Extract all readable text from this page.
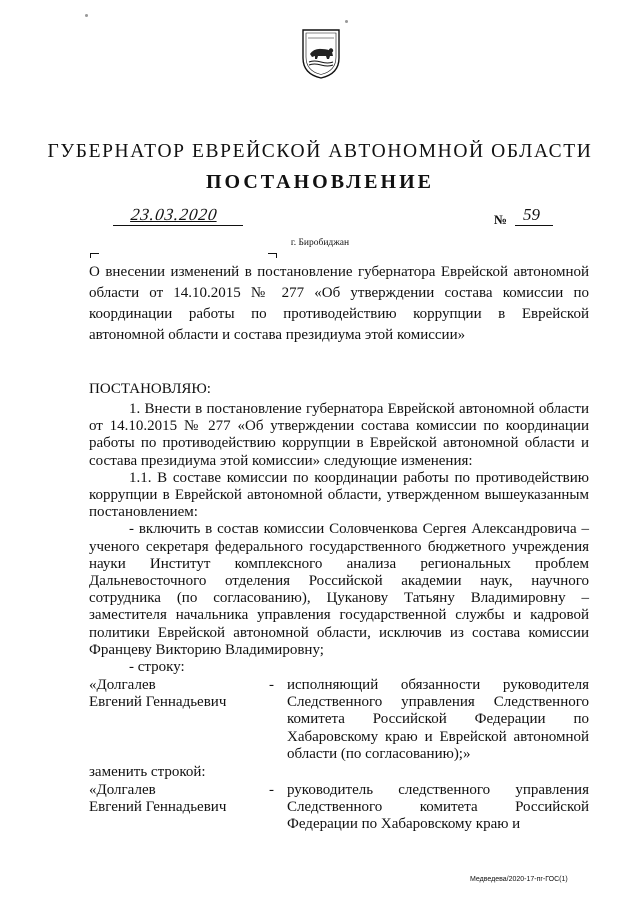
ГУБЕРНАТОР ЕВРЕЙСКОЙ АВТОНОМНОЙ ОБЛАСТИ
ПОСТАНОВЛЕНИЕ
23.03.2020	№ 59
г. Биробиджан
О внесении изменений в постановление губернатора Еврейской автономной области от 14.10.2015 № 277 «Об утверждении состава комиссии по координации работы по противодействию коррупции в Еврейской автономной области и состава президиума этой комиссии»
ПОСТАНОВЛЯЮ:

1. Внести в постановление губернатора Еврейской автономной области от 14.10.2015 № 277 «Об утверждении состава комиссии по координации работы по противодействию коррупции в Еврейской автономной области и состава президиума этой комиссии» следующие изменения:

1.1. В составе комиссии по координации работы по противодействию коррупции в Еврейской автономной области, утвержденном вышеуказанным постановлением:

- включить в состав комиссии Соловченкова Сергея Александровича – ученого секретаря федерального государственного бюджетного учреждения науки Институт комплексного анализа региональных проблем Дальневосточного отделения Российской академии наук, научного сотрудника (по согласованию), Цуканову Татьяну Владимировну – заместителя начальника управления государственной службы и кадровой политики Еврейской автономной области, исключив из состава комиссии Францеву Викторию Владимировну;

- строку:

«Долгалев
Евгений Геннадьевич
- исполняющий обязанности руководителя Следственного управления Следственного комитета Российской Федерации по Хабаровскому краю и Еврейской автономной области (по согласованию);»
заменить строкой:
«Долгалев
Евгений Геннадьевич
- руководитель следственного управления Следственного комитета Российской Федерации по Хабаровскому краю и
Медведева/2020-17-пг-ГОС(1)
